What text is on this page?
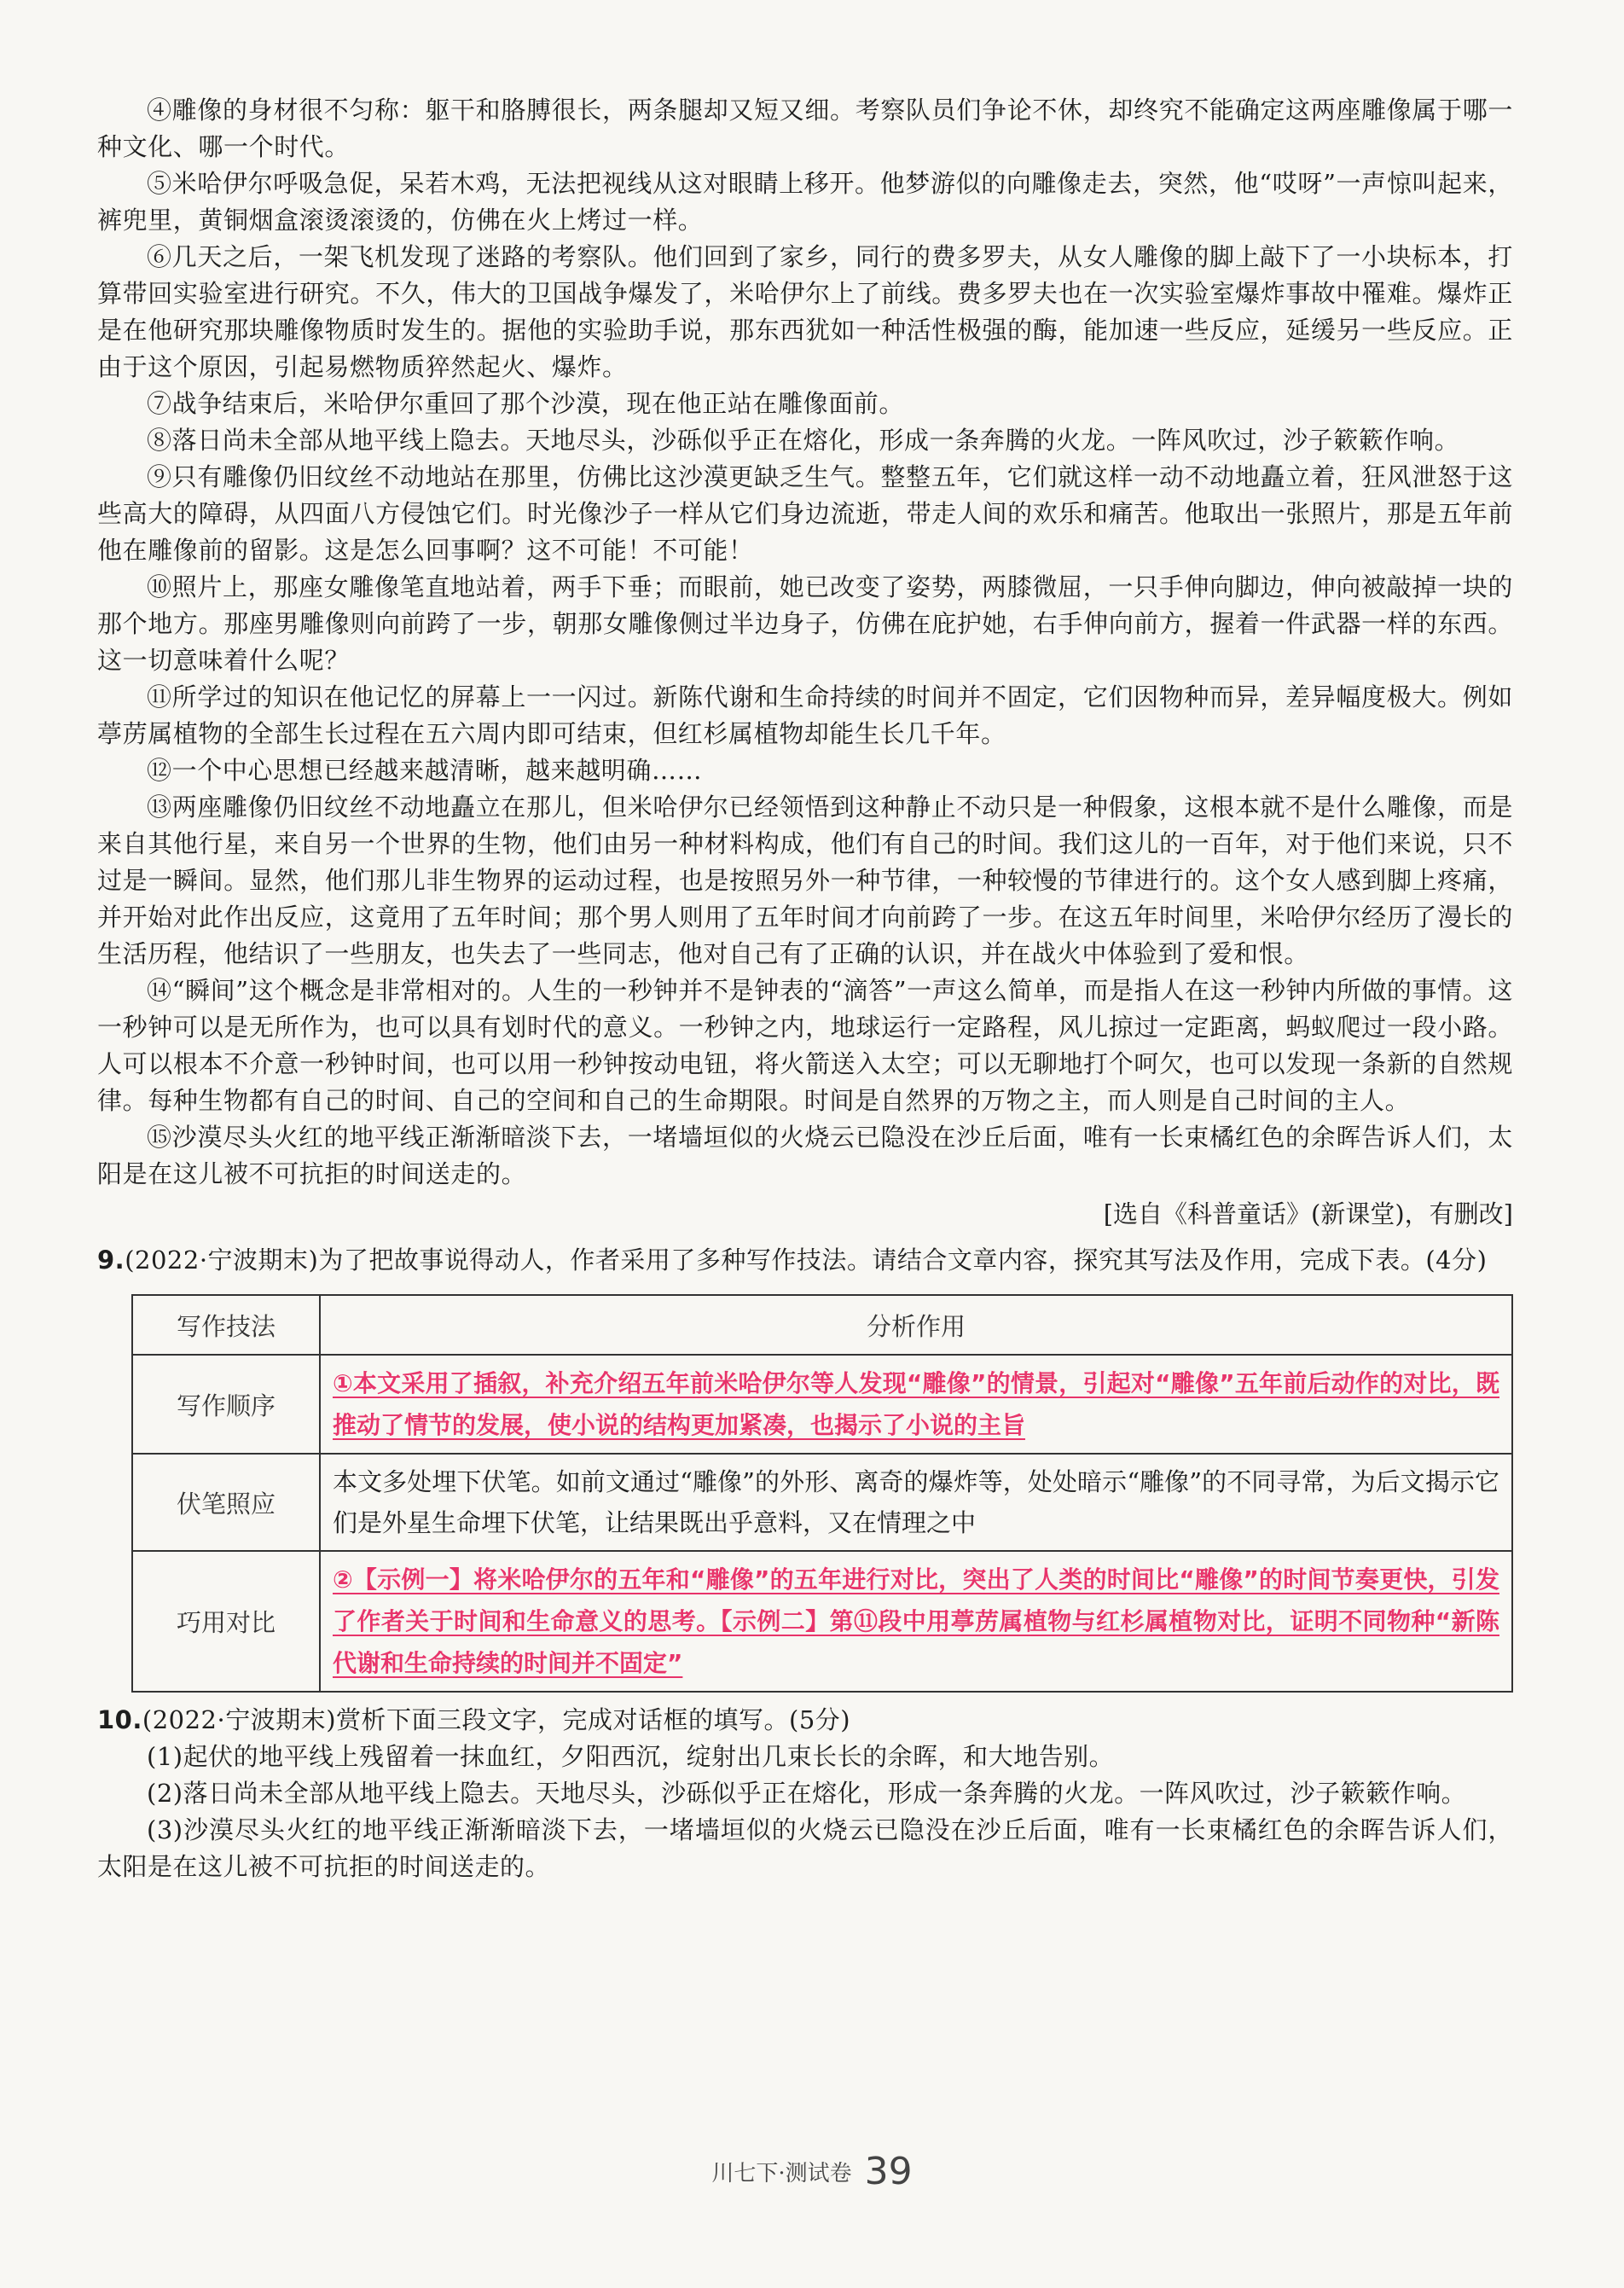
④雕像的身材很不匀称：躯干和胳膊很长，两条腿却又短又细。考察队员们争论不休，却终究不能确定这两座雕像属于哪一种文化、哪一个时代。

⑤米哈伊尔呼吸急促，呆若木鸡，无法把视线从这对眼睛上移开。他梦游似的向雕像走去，突然，他“哎呀”一声惊叫起来，裤兜里，黄铜烟盒滚烫滚烫的，仿佛在火上烤过一样。

⑥几天之后，一架飞机发现了迷路的考察队。他们回到了家乡，同行的费多罗夫，从女人雕像的脚上敲下了一小块标本，打算带回实验室进行研究。不久，伟大的卫国战争爆发了，米哈伊尔上了前线。费多罗夫也在一次实验室爆炸事故中罹难。爆炸正是在他研究那块雕像物质时发生的。据他的实验助手说，那东西犹如一种活性极强的酶，能加速一些反应，延缓另一些反应。正由于这个原因，引起易燃物质猝然起火、爆炸。

⑦战争结束后，米哈伊尔重回了那个沙漠，现在他正站在雕像面前。

⑧落日尚未全部从地平线上隐去。天地尽头，沙砾似乎正在熔化，形成一条奔腾的火龙。一阵风吹过，沙子簌簌作响。

⑨只有雕像仍旧纹丝不动地站在那里，仿佛比这沙漠更缺乏生气。整整五年，它们就这样一动不动地矗立着，狂风泄怒于这些高大的障碍，从四面八方侵蚀它们。时光像沙子一样从它们身边流逝，带走人间的欢乐和痛苦。他取出一张照片，那是五年前他在雕像前的留影。这是怎么回事啊？这不可能！不可能！

⑩照片上，那座女雕像笔直地站着，两手下垂；而眼前，她已改变了姿势，两膝微屈，一只手伸向脚边，伸向被敲掉一块的那个地方。那座男雕像则向前跨了一步，朝那女雕像侧过半边身子，仿佛在庇护她，右手伸向前方，握着一件武器一样的东西。这一切意味着什么呢？

⑪所学过的知识在他记忆的屏幕上一一闪过。新陈代谢和生命持续的时间并不固定，它们因物种而异，差异幅度极大。例如葶苈属植物的全部生长过程在五六周内即可结束，但红杉属植物却能生长几千年。

⑫一个中心思想已经越来越清晰，越来越明确……

⑬两座雕像仍旧纹丝不动地矗立在那儿，但米哈伊尔已经领悟到这种静止不动只是一种假象，这根本就不是什么雕像，而是来自其他行星，来自另一个世界的生物，他们由另一种材料构成，他们有自己的时间。我们这儿的一百年，对于他们来说，只不过是一瞬间。显然，他们那儿非生物界的运动过程，也是按照另外一种节律，一种较慢的节律进行的。这个女人感到脚上疼痛，并开始对此作出反应，这竟用了五年时间；那个男人则用了五年时间才向前跨了一步。在这五年时间里，米哈伊尔经历了漫长的生活历程，他结识了一些朋友，也失去了一些同志，他对自己有了正确的认识，并在战火中体验到了爱和恨。

⑭“瞬间”这个概念是非常相对的。人生的一秒钟并不是钟表的“滴答”一声这么简单，而是指人在这一秒钟内所做的事情。这一秒钟可以是无所作为，也可以具有划时代的意义。一秒钟之内，地球运行一定路程，风儿掠过一定距离，蚂蚁爬过一段小路。人可以根本不介意一秒钟时间，也可以用一秒钟按动电钮，将火箭送入太空；可以无聊地打个呵欠，也可以发现一条新的自然规律。每种生物都有自己的时间、自己的空间和自己的生命期限。时间是自然界的万物之主，而人则是自己时间的主人。

⑮沙漠尽头火红的地平线正渐渐暗淡下去，一堵墙垣似的火烧云已隐没在沙丘后面，唯有一长束橘红色的余晖告诉人们，太阳是在这儿被不可抗拒的时间送走的。

[选自《科普童话》(新课堂)，有删改]

9.(2022·宁波期末)为了把故事说得动人，作者采用了多种写作技法。请结合文章内容，探究其写法及作用，完成下表。(4分)

写作技法	分析作用
写作顺序	①本文采用了插叙，补充介绍五年前米哈伊尔等人发现“雕像”的情景，引起对“雕像”五年前后动作的对比，既推动了情节的发展，使小说的结构更加紧凑，也揭示了小说的主旨
伏笔照应	本文多处埋下伏笔。如前文通过“雕像”的外形、离奇的爆炸等，处处暗示“雕像”的不同寻常，为后文揭示它们是外星生命埋下伏笔，让结果既出乎意料，又在情理之中
巧用对比	②【示例一】将米哈伊尔的五年和“雕像”的五年进行对比，突出了人类的时间比“雕像”的时间节奏更快，引发了作者关于时间和生命意义的思考。【示例二】第⑪段中用葶苈属植物与红杉属植物对比，证明不同物种“新陈代谢和生命持续的时间并不固定”

10.(2022·宁波期末)赏析下面三段文字，完成对话框的填写。(5分)

(1)起伏的地平线上残留着一抹血红，夕阳西沉，绽射出几束长长的余晖，和大地告别。

(2)落日尚未全部从地平线上隐去。天地尽头，沙砾似乎正在熔化，形成一条奔腾的火龙。一阵风吹过，沙子簌簌作响。

(3)沙漠尽头火红的地平线正渐渐暗淡下去，一堵墙垣似的火烧云已隐没在沙丘后面，唯有一长束橘红色的余晖告诉人们，太阳是在这儿被不可抗拒的时间送走的。

川七下·测试卷 39
